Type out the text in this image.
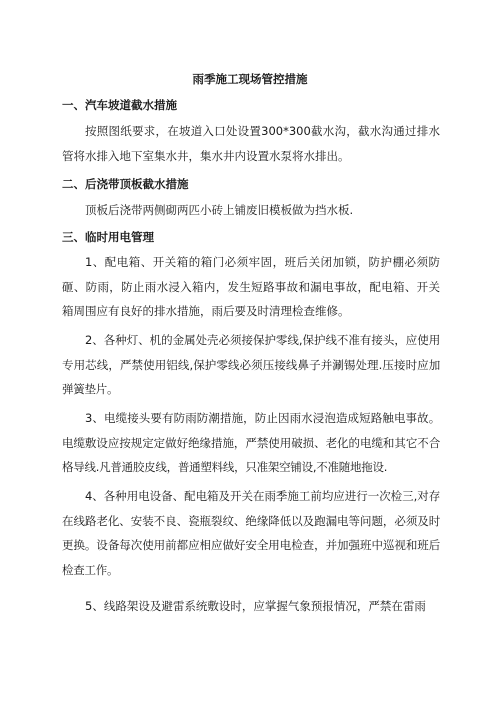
雨季施工现场管控措施
一、汽车坡道截水措施

按照图纸要求，在坡道入口处设置300*300截水沟，截水沟通过排水管将水排入地下室集水井，集水井内设置水泵将水排出。

二、后浇带顶板截水措施

顶板后浇带两侧砌两匹小砖上铺废旧模板做为挡水板.

三、临时用电管理

1、配电箱、开关箱的箱门必须牢固，班后关闭加锁，防护棚必须防砸、防雨，防止雨水浸入箱内，发生短路事故和漏电事故，配电箱、开关箱周围应有良好的排水措施，雨后要及时清理检查维修。

2、各种灯、机的金属处壳必须接保护零线,保护线不准有接头，应使用专用芯线，严禁使用铝线,保护零线必须压接线鼻子并涮锡处理.压接时应加弹簧垫片。

3、电缆接头要有防雨防潮措施，防止因雨水浸泡造成短路触电事故。电缆敷设应按规定定做好绝缘措施，严禁使用破损、老化的电缆和其它不合格导线.凡普通胶皮线，普通塑料线，只准架空铺设,不准随地拖设.

4、各种用电设备、配电箱及开关在雨季施工前均应进行一次检三,对存在线路老化、安装不良、瓷瓶裂纹、绝缘降低以及跑漏电等问题，必须及时更换。设备每次使用前都应相应做好安全用电检查，并加强班中巡视和班后检查工作。

5、线路架设及避雷系统敷设时，应掌握气象预报情况，严禁在雷雨
